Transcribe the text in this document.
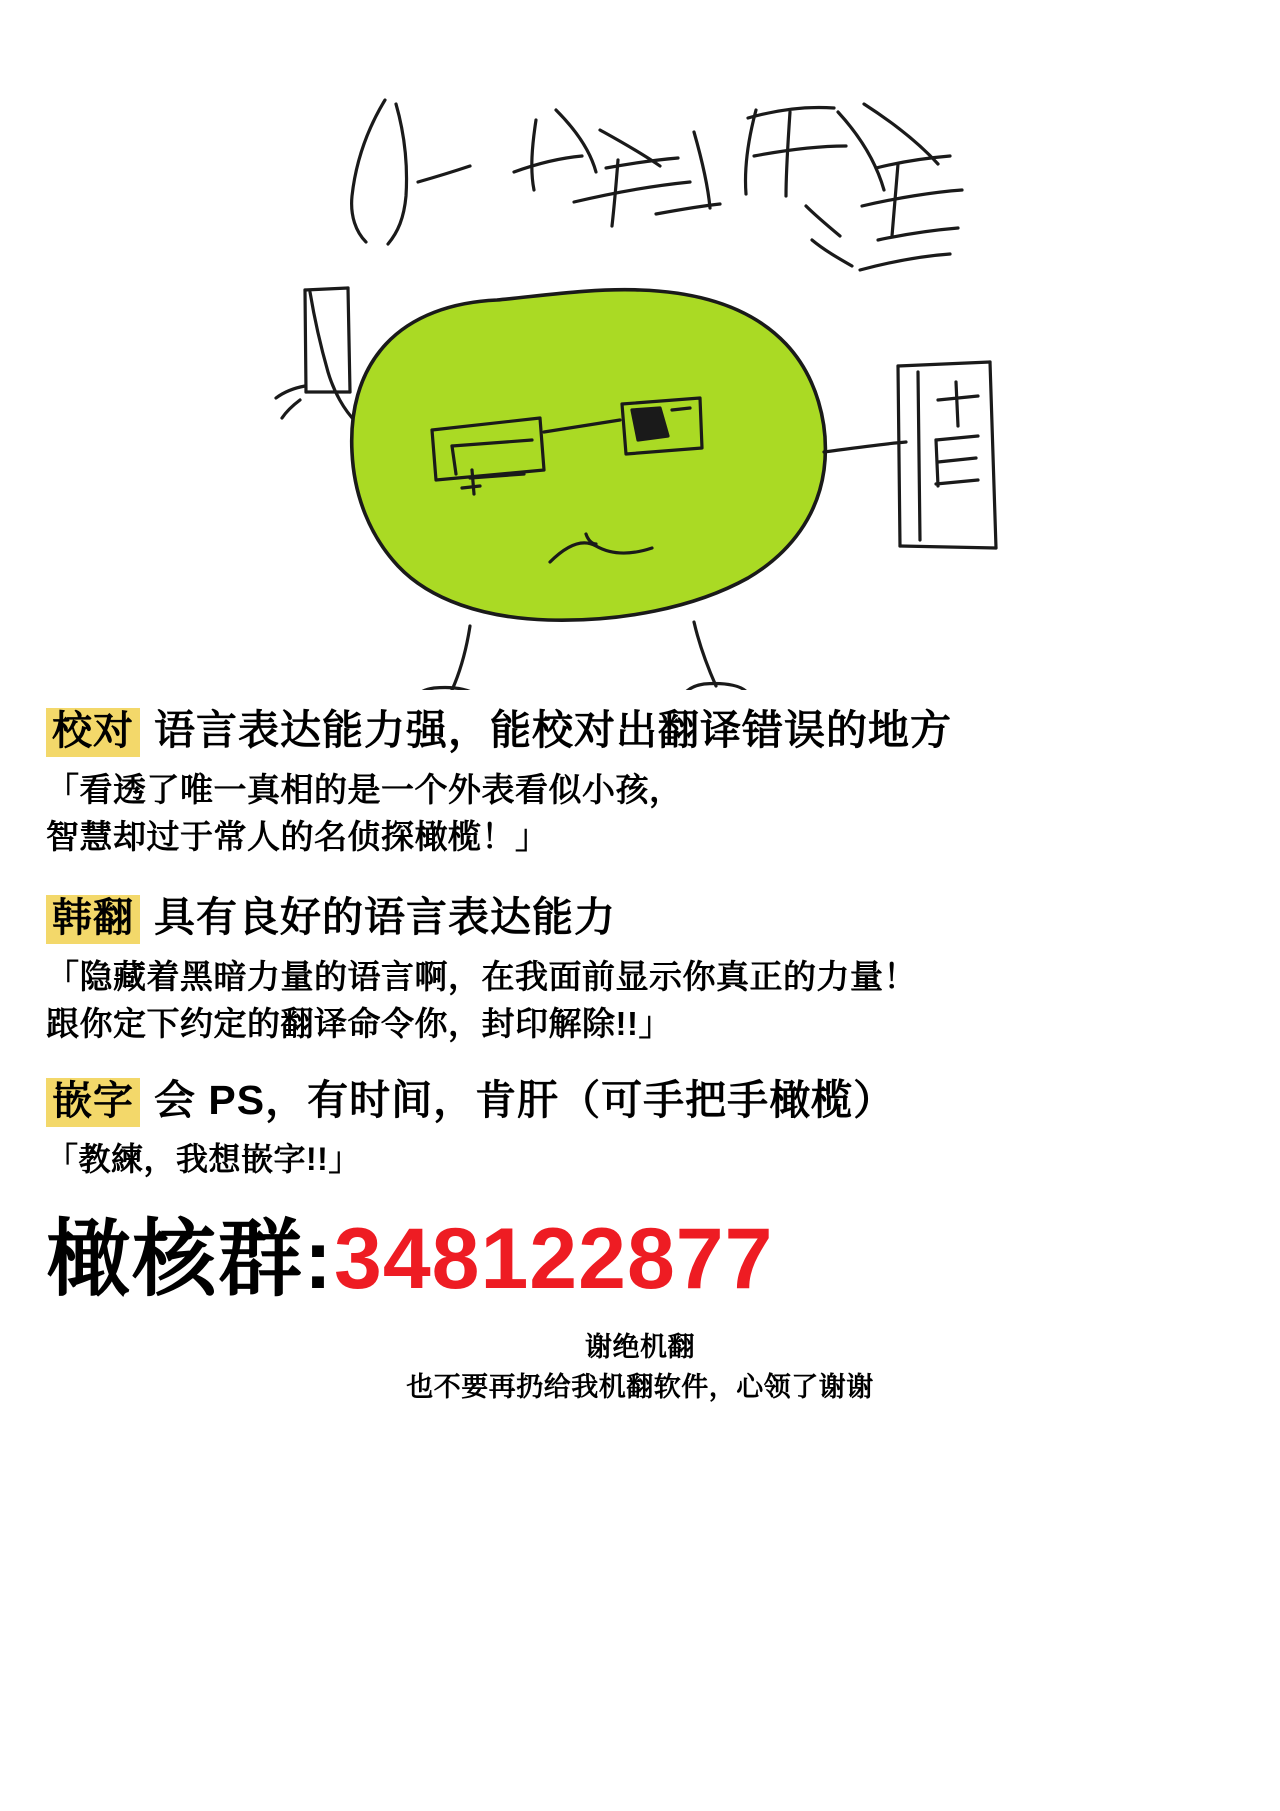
校对 语言表达能力强，能校对出翻译错误的地方
「看透了唯一真相的是一个外表看似小孩，
智慧却过于常人的名侦探橄榄！」
韩翻 具有良好的语言表达能力
「隐藏着黑暗力量的语言啊，在我面前显示你真正的力量！
跟你定下约定的翻译命令你，封印解除!!」
嵌字 会 PS，有时间，肯肝（可手把手橄榄）
「教練，我想嵌字!!」
橄核群: 348122877
谢绝机翻
也不要再扔给我机翻软件，心领了谢谢
